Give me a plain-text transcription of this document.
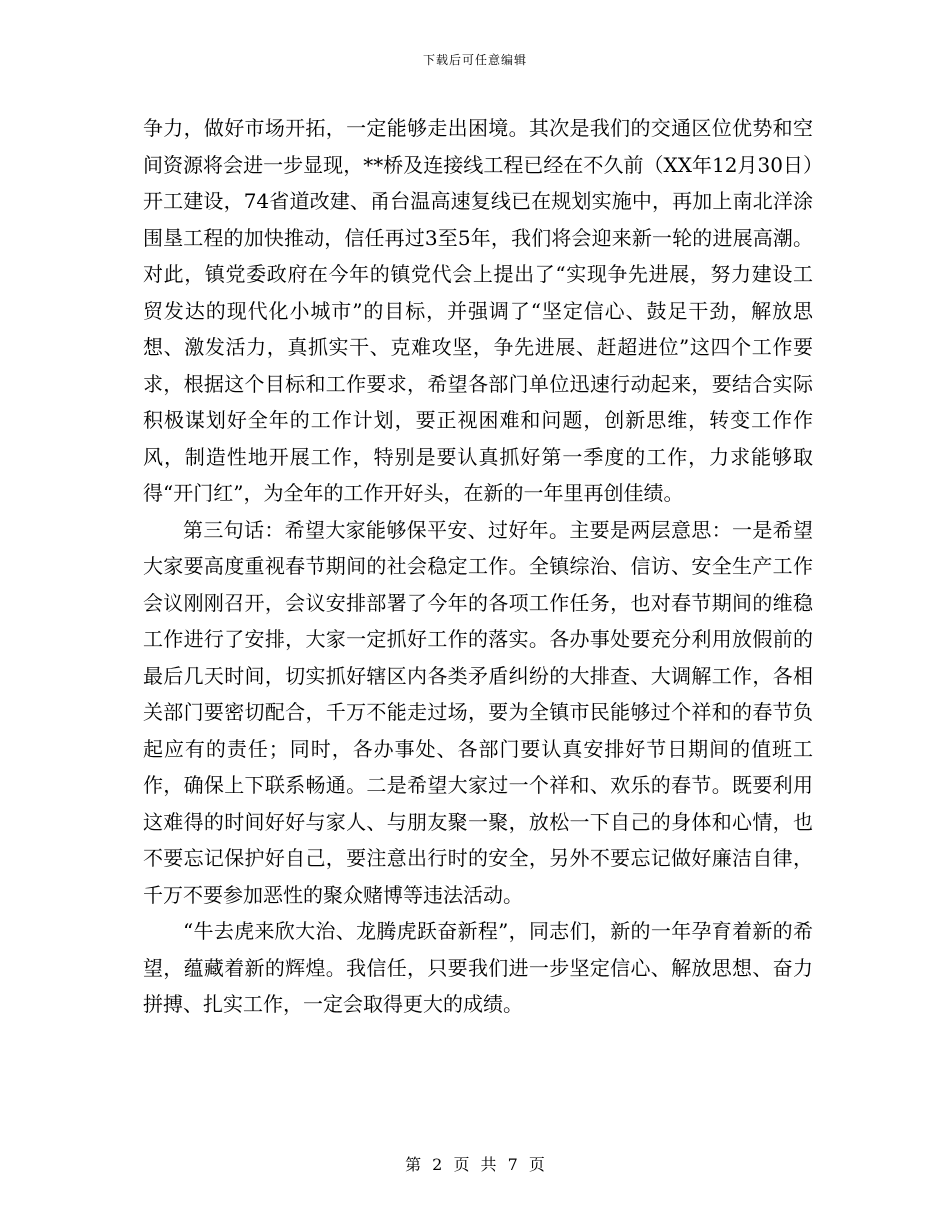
下载后可任意编辑

争力，做好市场开拓，一定能够走出困境。其次是我们的交通区位优势和空间资源将会进一步显现，**桥及连接线工程已经在不久前（XX年12月30日）开工建设，74省道改建、甬台温高速复线已在规划实施中，再加上南北洋涂围垦工程的加快推动，信任再过3至5年，我们将会迎来新一轮的进展高潮。对此，镇党委政府在今年的镇党代会上提出了“实现争先进展，努力建设工贸发达的现代化小城市”的目标，并强调了“坚定信心、鼓足干劲，解放思想、激发活力，真抓实干、克难攻坚，争先进展、赶超进位”这四个工作要求，根据这个目标和工作要求，希望各部门单位迅速行动起来，要结合实际积极谋划好全年的工作计划，要正视困难和问题，创新思维，转变工作作风，制造性地开展工作，特别是要认真抓好第一季度的工作，力求能够取得“开门红”，为全年的工作开好头，在新的一年里再创佳绩。

第三句话：希望大家能够保平安、过好年。主要是两层意思：一是希望大家要高度重视春节期间的社会稳定工作。全镇综治、信访、安全生产工作会议刚刚召开，会议安排部署了今年的各项工作任务，也对春节期间的维稳工作进行了安排，大家一定抓好工作的落实。各办事处要充分利用放假前的最后几天时间，切实抓好辖区内各类矛盾纠纷的大排查、大调解工作，各相关部门要密切配合，千万不能走过场，要为全镇市民能够过个祥和的春节负起应有的责任；同时，各办事处、各部门要认真安排好节日期间的值班工作，确保上下联系畅通。二是希望大家过一个祥和、欢乐的春节。既要利用这难得的时间好好与家人、与朋友聚一聚，放松一下自己的身体和心情，也不要忘记保护好自己，要注意出行时的安全，另外不要忘记做好廉洁自律，千万不要参加恶性的聚众赌博等违法活动。

“牛去虎来欣大治、龙腾虎跃奋新程”，同志们，新的一年孕育着新的希望，蕴藏着新的辉煌。我信任，只要我们进一步坚定信心、解放思想、奋力拼搏、扎实工作，一定会取得更大的成绩。

第 2 页 共 7 页
